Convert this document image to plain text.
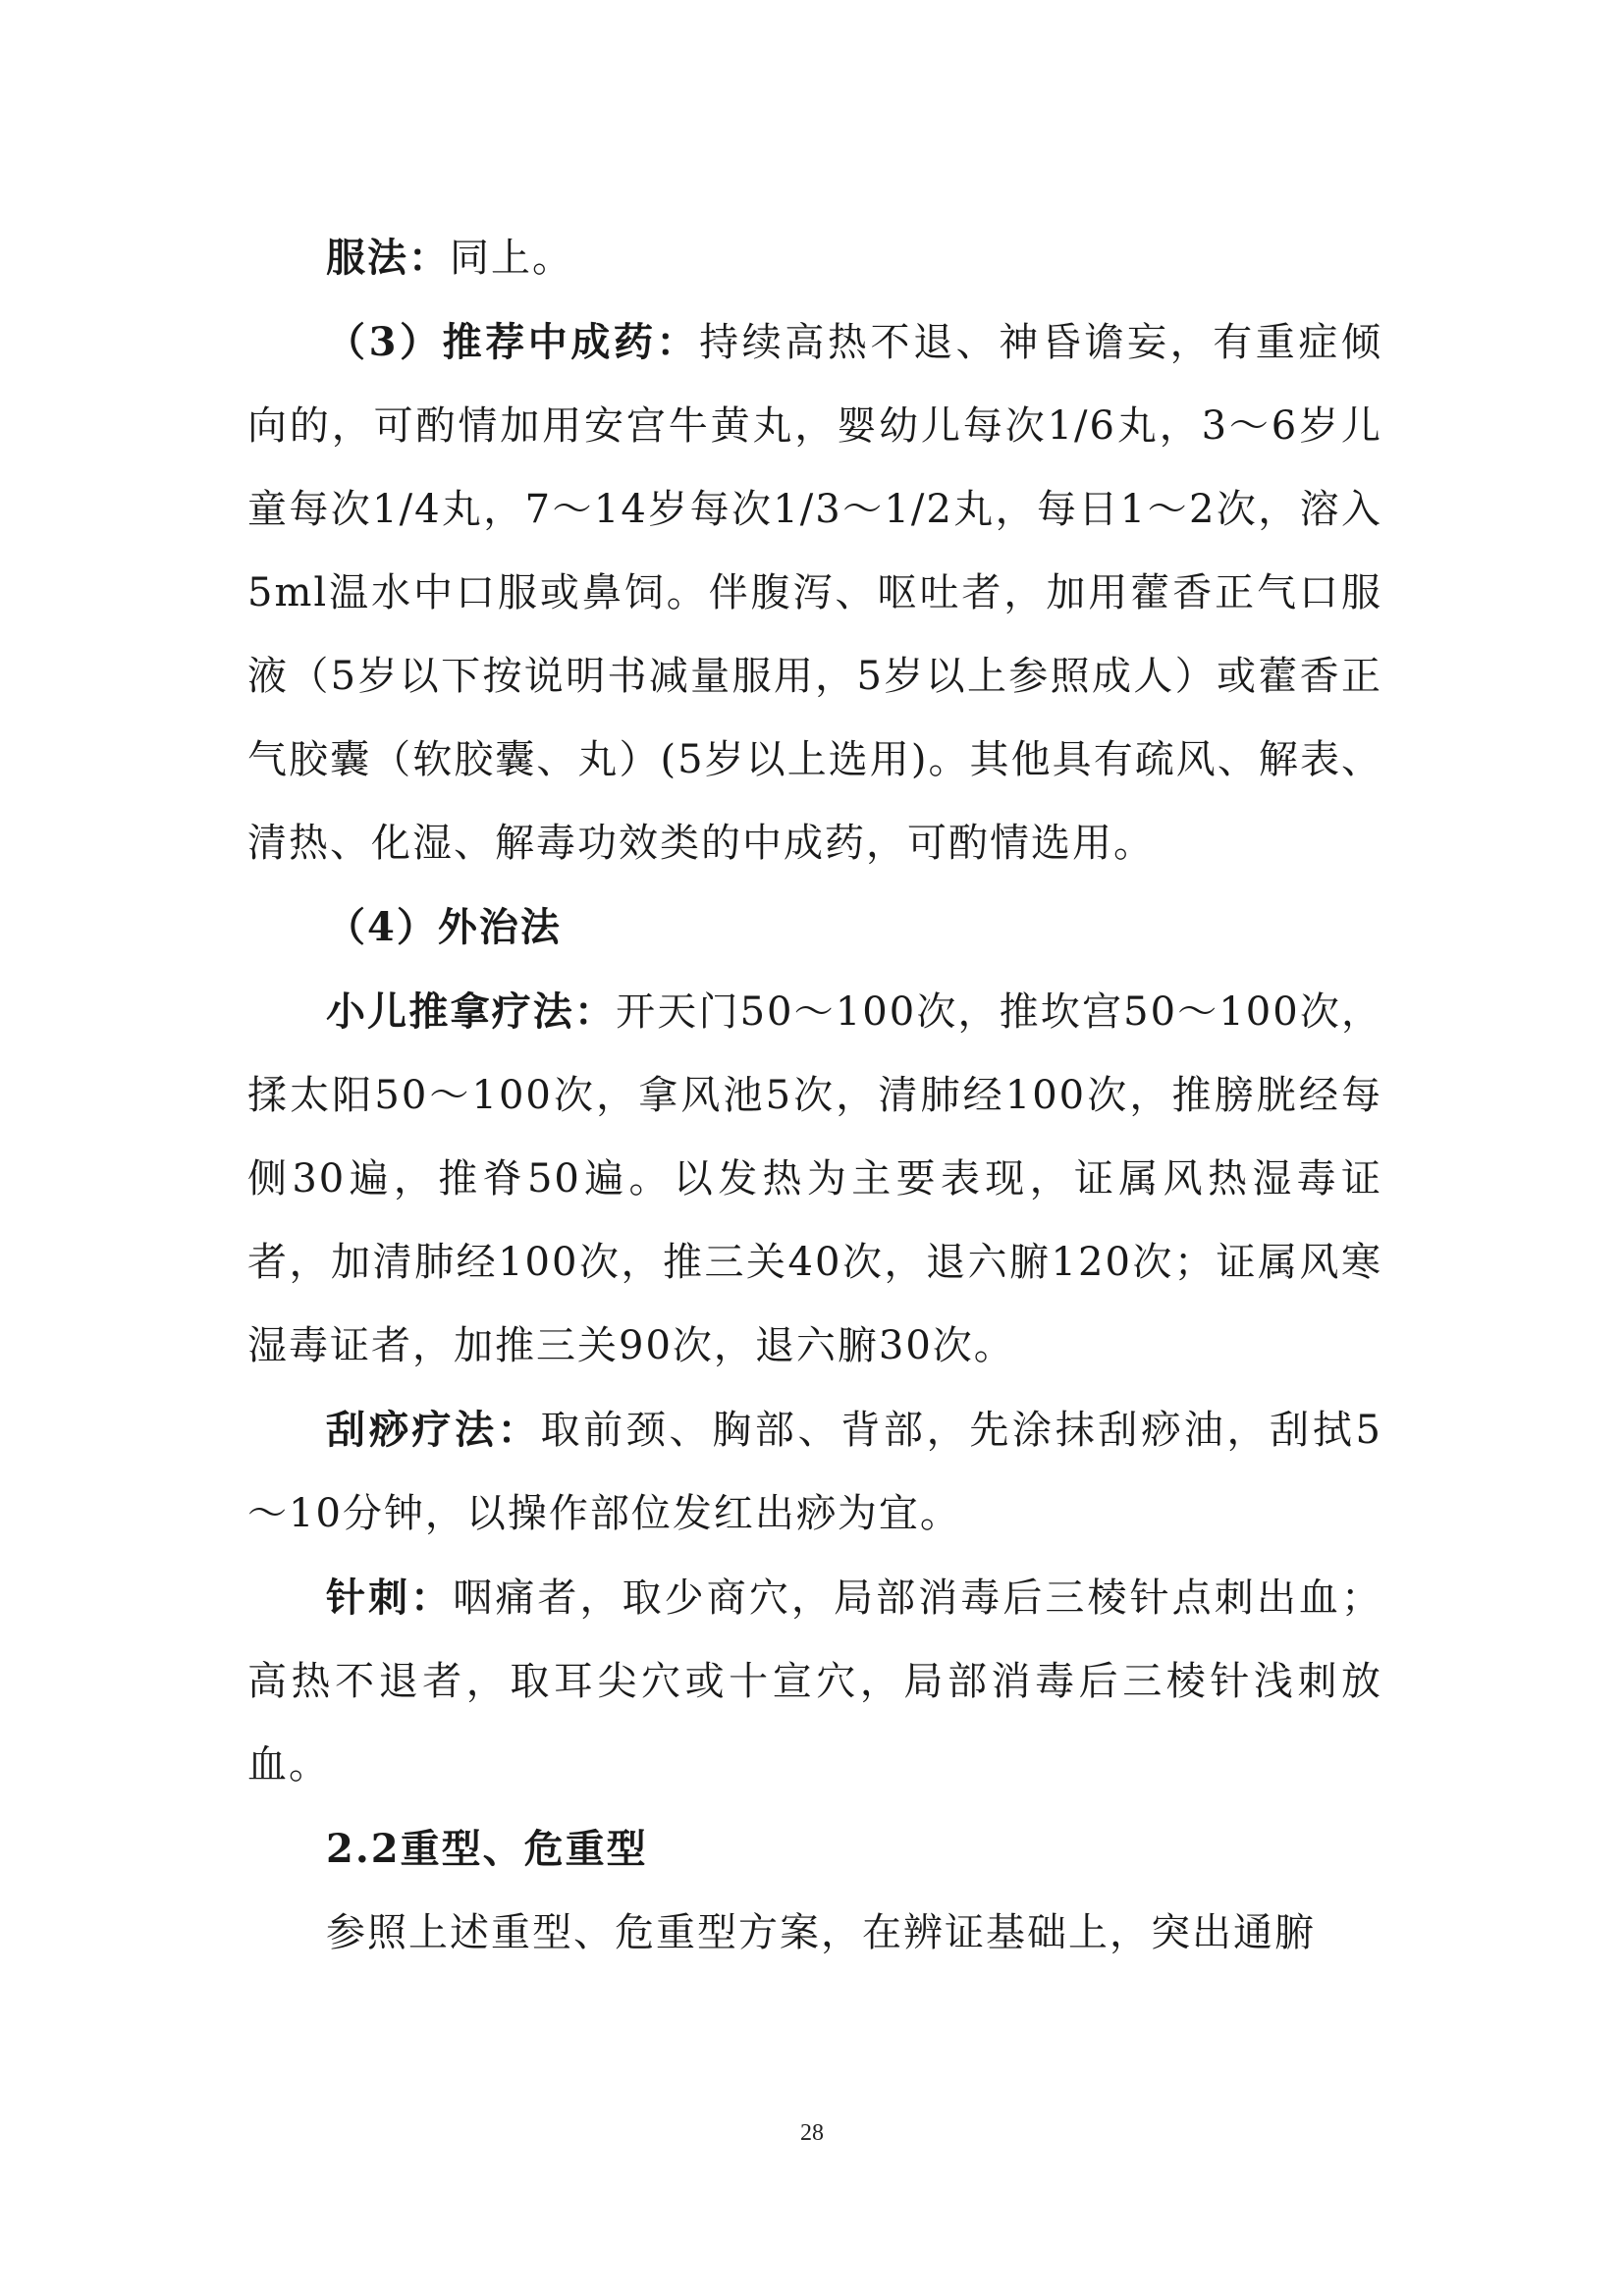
服法：同上。

（3）推荐中成药：持续高热不退、神昏谵妄，有重症倾向的，可酌情加用安宫牛黄丸，婴幼儿每次1/6丸，3～6岁儿童每次1/4丸，7～14岁每次1/3～1/2丸，每日1～2次，溶入5ml温水中口服或鼻饲。伴腹泻、呕吐者，加用藿香正气口服液（5岁以下按说明书减量服用，5岁以上参照成人）或藿香正气胶囊（软胶囊、丸）(5岁以上选用)。其他具有疏风、解表、清热、化湿、解毒功效类的中成药，可酌情选用。

（4）外治法

小儿推拿疗法：开天门50～100次，推坎宫50～100次，揉太阳50～100次，拿风池5次，清肺经100次，推膀胱经每侧30遍，推脊50遍。以发热为主要表现，证属风热湿毒证者，加清肺经100次，推三关40次，退六腑120次；证属风寒湿毒证者，加推三关90次，退六腑30次。

刮痧疗法：取前颈、胸部、背部，先涂抹刮痧油，刮拭5～10分钟，以操作部位发红出痧为宜。

针刺：咽痛者，取少商穴，局部消毒后三棱针点刺出血；高热不退者，取耳尖穴或十宣穴，局部消毒后三棱针浅刺放血。

2.2重型、危重型

参照上述重型、危重型方案，在辨证基础上，突出通腑

28
